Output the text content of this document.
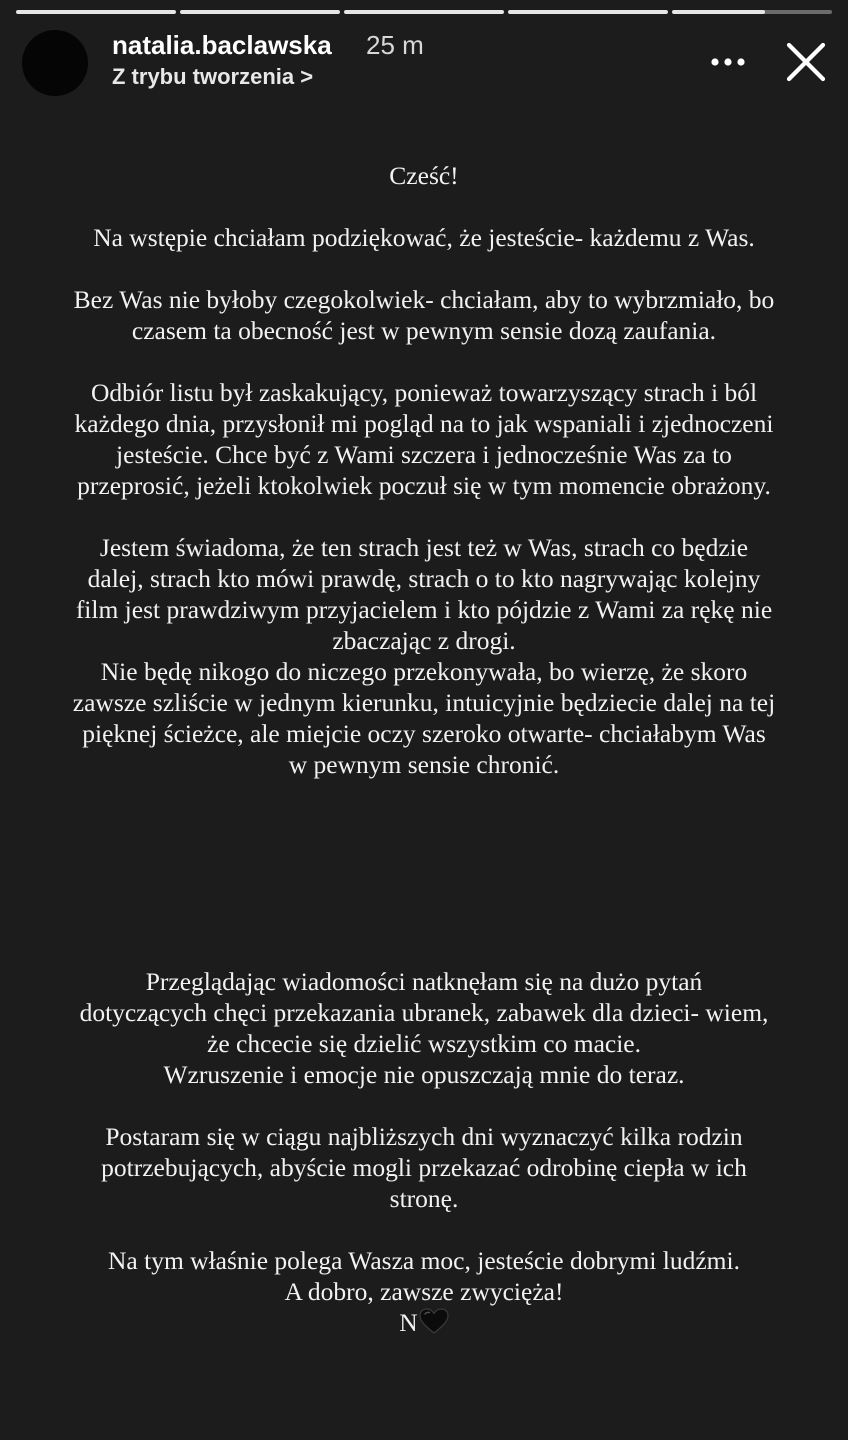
natalia.baclawska 25 m
Z trybu tworzenia >

Cześć!

Na wstępie chciałam podziękować, że jesteście- każdemu z Was.

Bez Was nie byłoby czegokolwiek- chciałam, aby to wybrzmiało, bo
czasem ta obecność jest w pewnym sensie dozą zaufania.

Odbiór listu był zaskakujący, ponieważ towarzyszący strach i ból
każdego dnia, przysłonił mi pogląd na to jak wspaniali i zjednoczeni
jesteście. Chce być z Wami szczera i jednocześnie Was za to
przeprosić, jeżeli ktokolwiek poczuł się w tym momencie obrażony.

Jestem świadoma, że ten strach jest też w Was, strach co będzie
dalej, strach kto mówi prawdę, strach o to kto nagrywając kolejny
film jest prawdziwym przyjacielem i kto pójdzie z Wami za rękę nie
zbaczając z drogi.

Nie będę nikogo do niczego przekonywała, bo wierzę, że skoro
zawsze szliście w jednym kierunku, intuicyjnie będziecie dalej na tej
pięknej ścieżce, ale miejcie oczy szeroko otwarte- chciałabym Was
w pewnym sensie chronić.

Przeglądając wiadomości natknęłam się na dużo pytań
dotyczących chęci przekazania ubranek, zabawek dla dzieci- wiem,
że chcecie się dzielić wszystkim co macie.
Wzruszenie i emocje nie opuszczają mnie do teraz.

Postaram się w ciągu najbliższych dni wyznaczyć kilka rodzin
potrzebujących, abyście mogli przekazać odrobinę ciepła w ich
stronę.

Na tym właśnie polega Wasza moc, jesteście dobrymi ludźmi.
A dobro, zawsze zwycięża!

N
